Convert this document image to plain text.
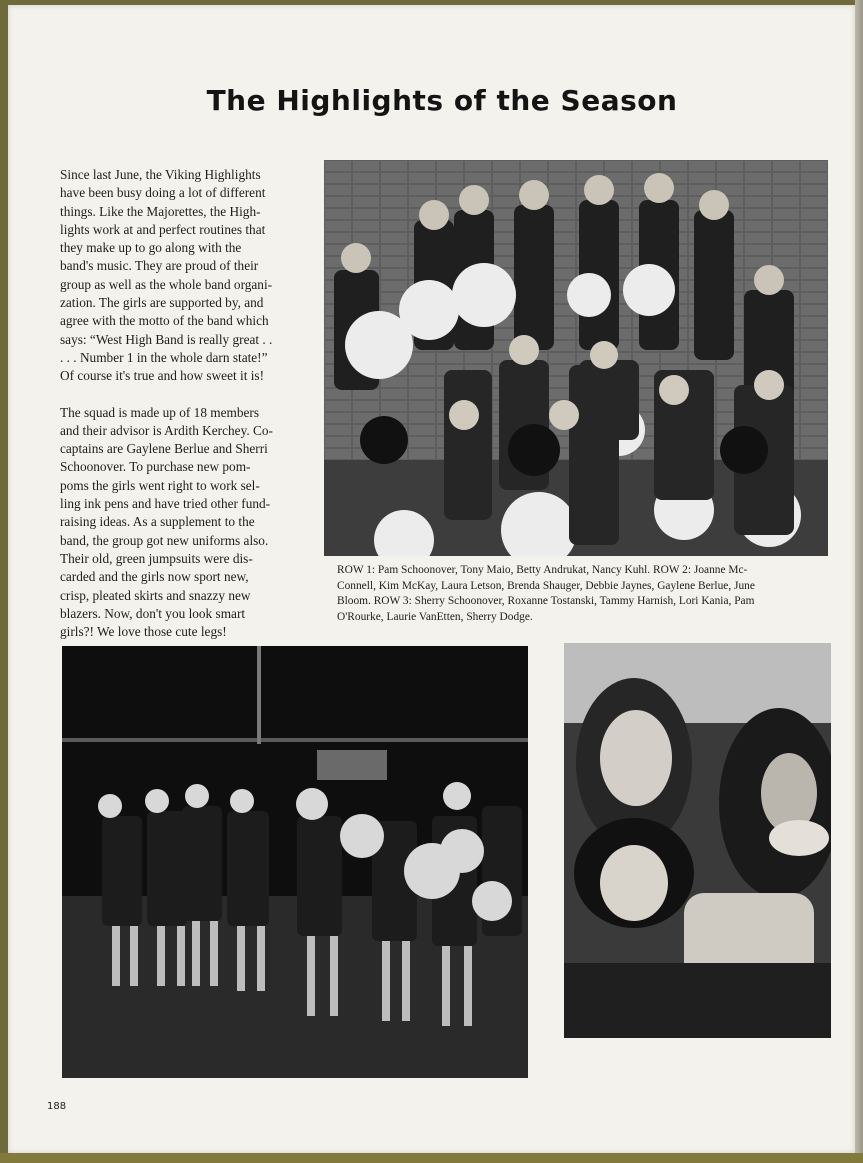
The Highlights of the Season

Since last June, the Viking Highlights
have been busy doing a lot of different
things. Like the Majorettes, the High-
lights work at and perfect routines that
they make up to go along with the
band's music. They are proud of their
group as well as the whole band organi-
zation. The girls are supported by, and
agree with the motto of the band which
says: “West High Band is really great . .
. . . Number 1 in the whole darn state!”
Of course it's true and how sweet it is!

The squad is made up of 18 members
and their advisor is Ardith Kerchey. Co-
captains are Gaylene Berlue and Sherri
Schoonover. To purchase new pom-
poms the girls went right to work sel-
ling ink pens and have tried other fund-
raising ideas. As a supplement to the
band, the group got new uniforms also.
Their old, green jumpsuits were dis-
carded and the girls now sport new,
crisp, pleated skirts and snazzy new
blazers. Now, don't you look smart
girls?! We love those cute legs!

ROW 1: Pam Schoonover, Tony Maio, Betty Andrukat, Nancy Kuhl. ROW 2: Joanne Mc-
Connell, Kim McKay, Laura Letson, Brenda Shauger, Debbie Jaynes, Gaylene Berlue, June
Bloom. ROW 3: Sherry Schoonover, Roxanne Tostanski, Tammy Harnish, Lori Kania, Pam
O'Rourke, Laurie VanEtten, Sherry Dodge.
188
